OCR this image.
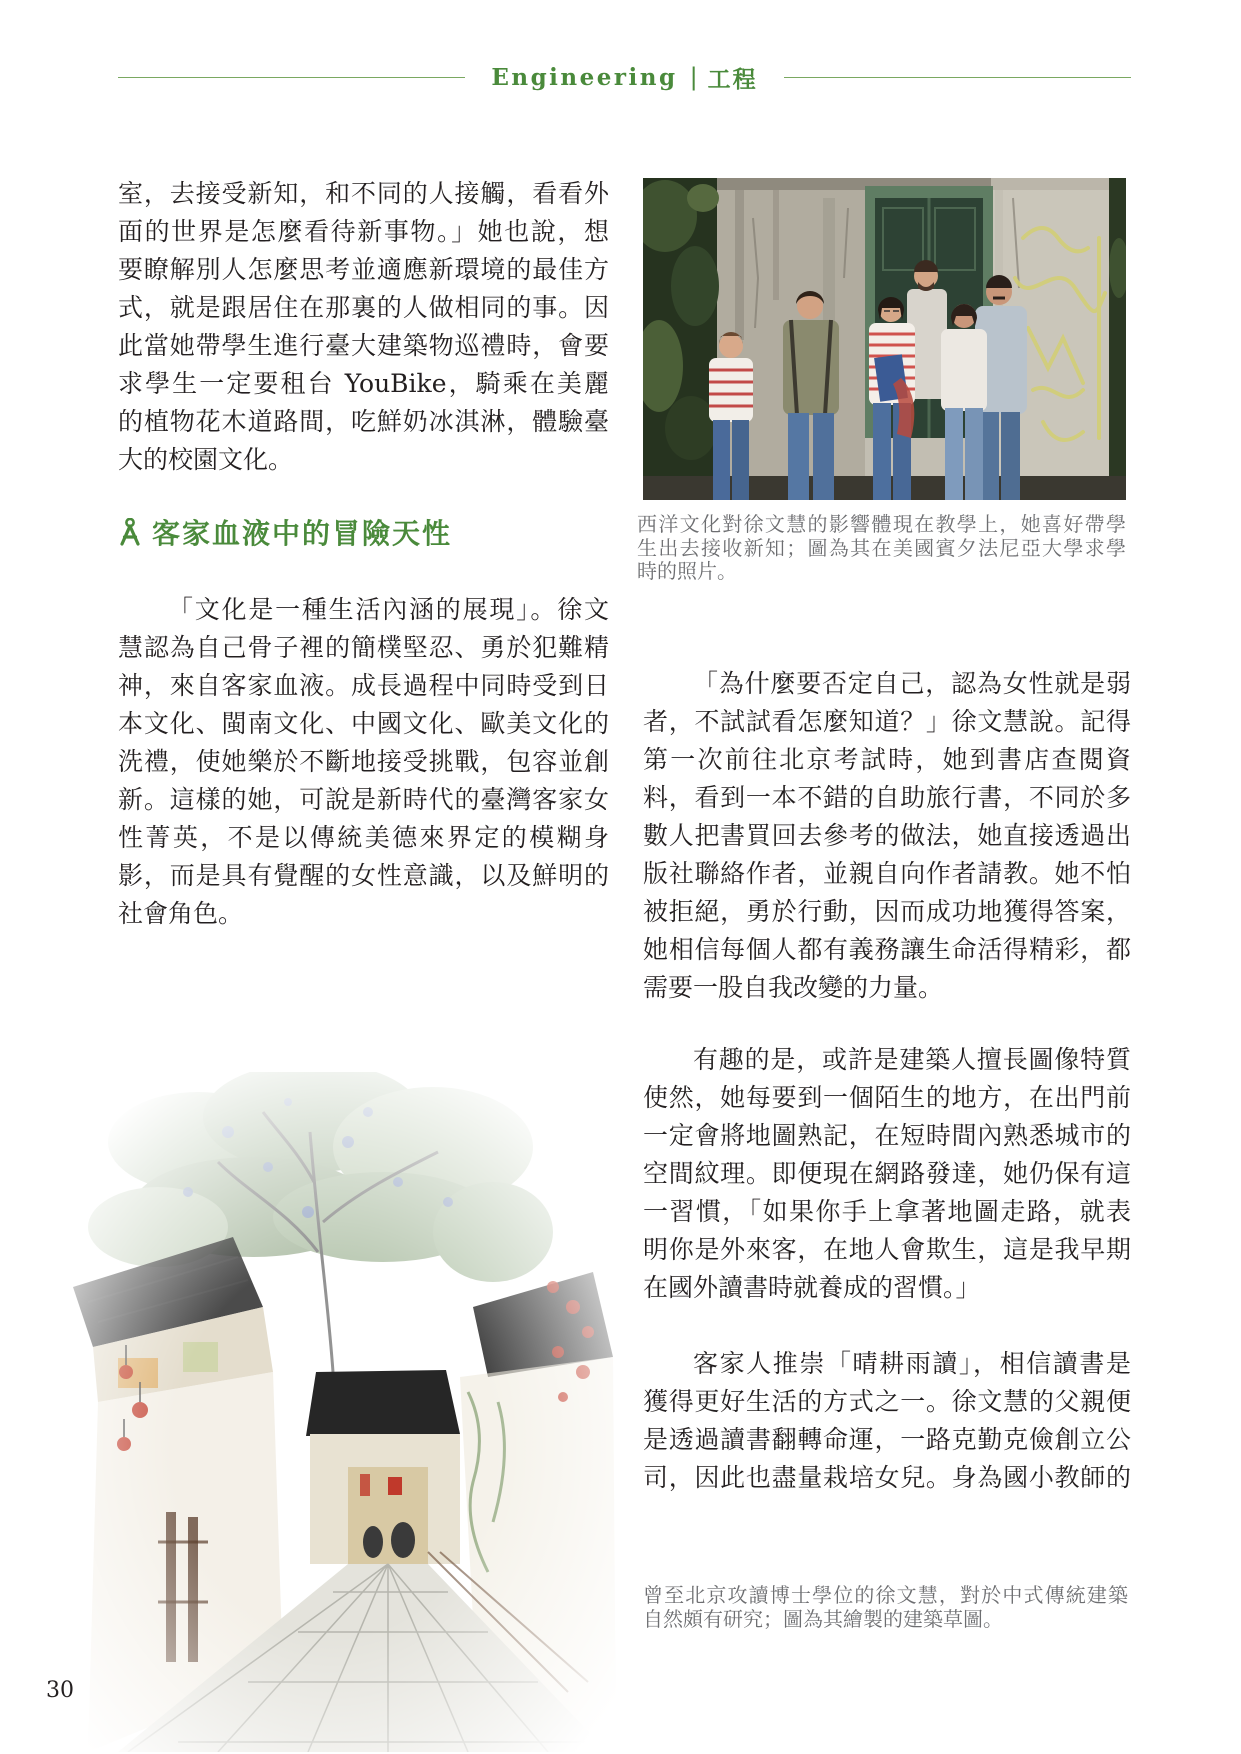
Engineering | 工程
室，去接受新知，和不同的人接觸，看看外
面的世界是怎麼看待新事物。」她也說，想
要瞭解別人怎麼思考並適應新環境的最佳方
式，就是跟居住在那裏的人做相同的事。因
此當她帶學生進行臺大建築物巡禮時，會要
求學生一定要租台 YouBike，騎乘在美麗
的植物花木道路間，吃鮮奶冰淇淋，體驗臺
大的校園文化。
客家血液中的冒險天性
「文化是一種生活內涵的展現」。徐文
慧認為自己骨子裡的簡樸堅忍、勇於犯難精
神，來自客家血液。成長過程中同時受到日
本文化、閩南文化、中國文化、歐美文化的
洗禮，使她樂於不斷地接受挑戰，包容並創
新。這樣的她，可說是新時代的臺灣客家女
性菁英，不是以傳統美德來界定的模糊身
影，而是具有覺醒的女性意識，以及鮮明的
社會角色。
西洋文化對徐文慧的影響體現在教學上，她喜好帶學
生出去接收新知；圖為其在美國賓夕法尼亞大學求學
時的照片。
「為什麼要否定自己，認為女性就是弱
者，不試試看怎麼知道？」徐文慧說。記得
第一次前往北京考試時，她到書店查閱資
料，看到一本不錯的自助旅行書，不同於多
數人把書買回去參考的做法，她直接透過出
版社聯絡作者，並親自向作者請教。她不怕
被拒絕，勇於行動，因而成功地獲得答案，
她相信每個人都有義務讓生命活得精彩，都
需要一股自我改變的力量。
有趣的是，或許是建築人擅長圖像特質
使然，她每要到一個陌生的地方，在出門前
一定會將地圖熟記，在短時間內熟悉城市的
空間紋理。即便現在網路發達，她仍保有這
一習慣，「如果你手上拿著地圖走路，就表
明你是外來客，在地人會欺生，這是我早期
在國外讀書時就養成的習慣。」
客家人推崇「晴耕雨讀」，相信讀書是
獲得更好生活的方式之一。徐文慧的父親便
是透過讀書翻轉命運，一路克勤克儉創立公
司，因此也盡量栽培女兒。身為國小教師的
曾至北京攻讀博士學位的徐文慧，對於中式傳統建築
自然頗有研究；圖為其繪製的建築草圖。
30
